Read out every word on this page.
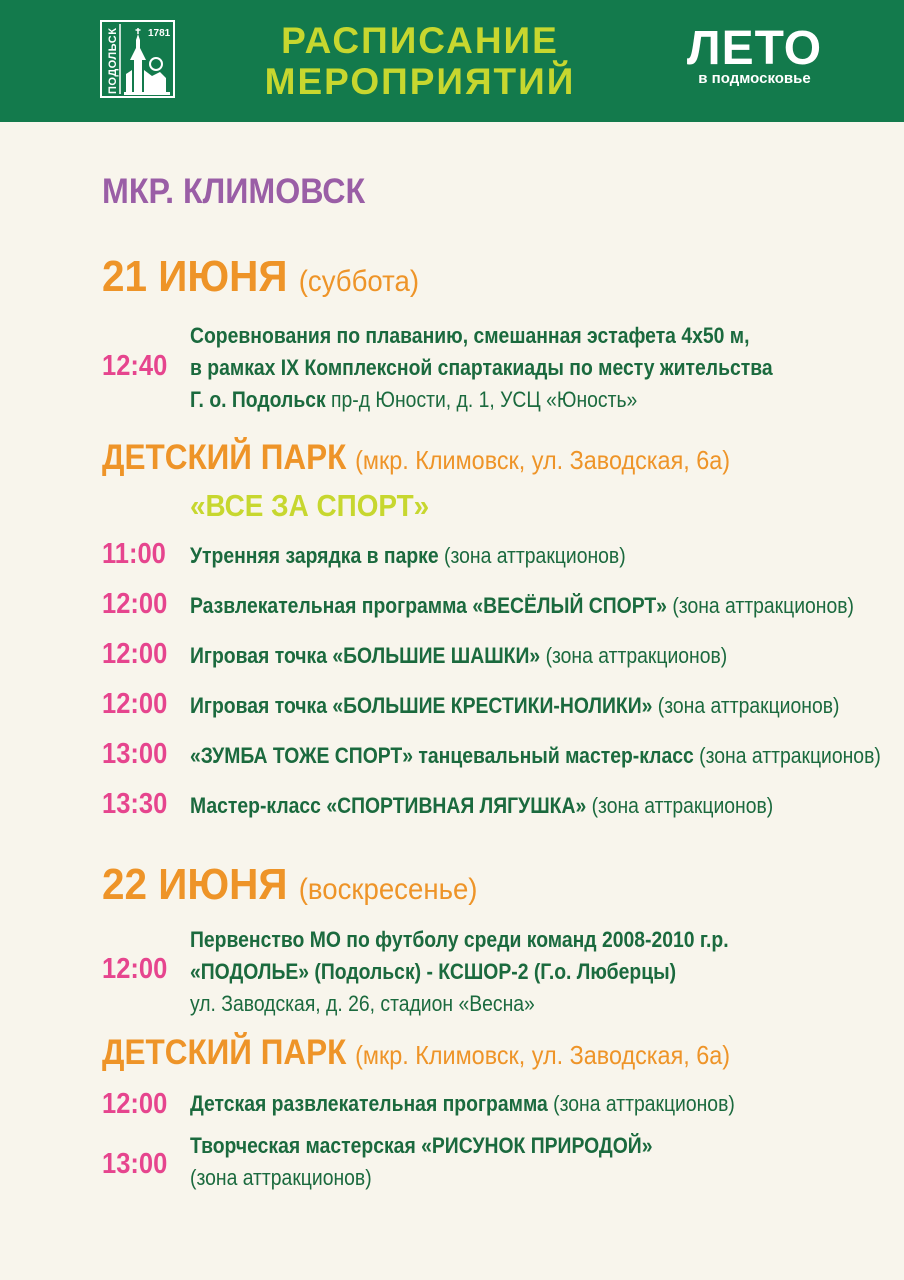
ПОДОЛЬСК	1781	РАСПИСАНИЕ
МЕРОПРИЯТИЙ
ЛЕТО
в подмосковье
МКР. КЛИМОВСК
21 ИЮНЯ (суббота)
12:40
Соревнования по плаванию, смешанная эстафета 4х50 м,
в рамках IX Комплексной спартакиады по месту жительства
Г. о. Подольск пр-д Юности, д. 1, УСЦ «Юность»
ДЕТСКИЙ ПАРК (мкр. Климовск, ул. Заводская, 6а)
«ВСЕ ЗА СПОРТ»
11:00 Утренняя зарядка в парке (зона аттракционов)
12:00 Развлекательная программа «ВЕСЁЛЫЙ СПОРТ» (зона аттракционов)
12:00 Игровая точка «БОЛЬШИЕ ШАШКИ» (зона аттракционов)
12:00 Игровая точка «БОЛЬШИЕ КРЕСТИКИ-НОЛИКИ» (зона аттракционов)
13:00 «ЗУМБА ТОЖЕ СПОРТ» танцевальный мастер-класс (зона аттракционов)
13:30 Мастер-класс «СПОРТИВНАЯ ЛЯГУШКА» (зона аттракционов)
22 ИЮНЯ (воскресенье)
12:00
Первенство МО по футболу среди команд 2008-2010 г.р.
«ПОДОЛЬЕ» (Подольск) - КСШОР-2 (Г.о. Люберцы)
ул. Заводская, д. 26, стадион «Весна»
ДЕТСКИЙ ПАРК (мкр. Климовск, ул. Заводская, 6а)
12:00 Детская развлекательная программа (зона аттракционов)
13:00
Творческая мастерская «РИСУНОК ПРИРОДОЙ»
(зона аттракционов)
